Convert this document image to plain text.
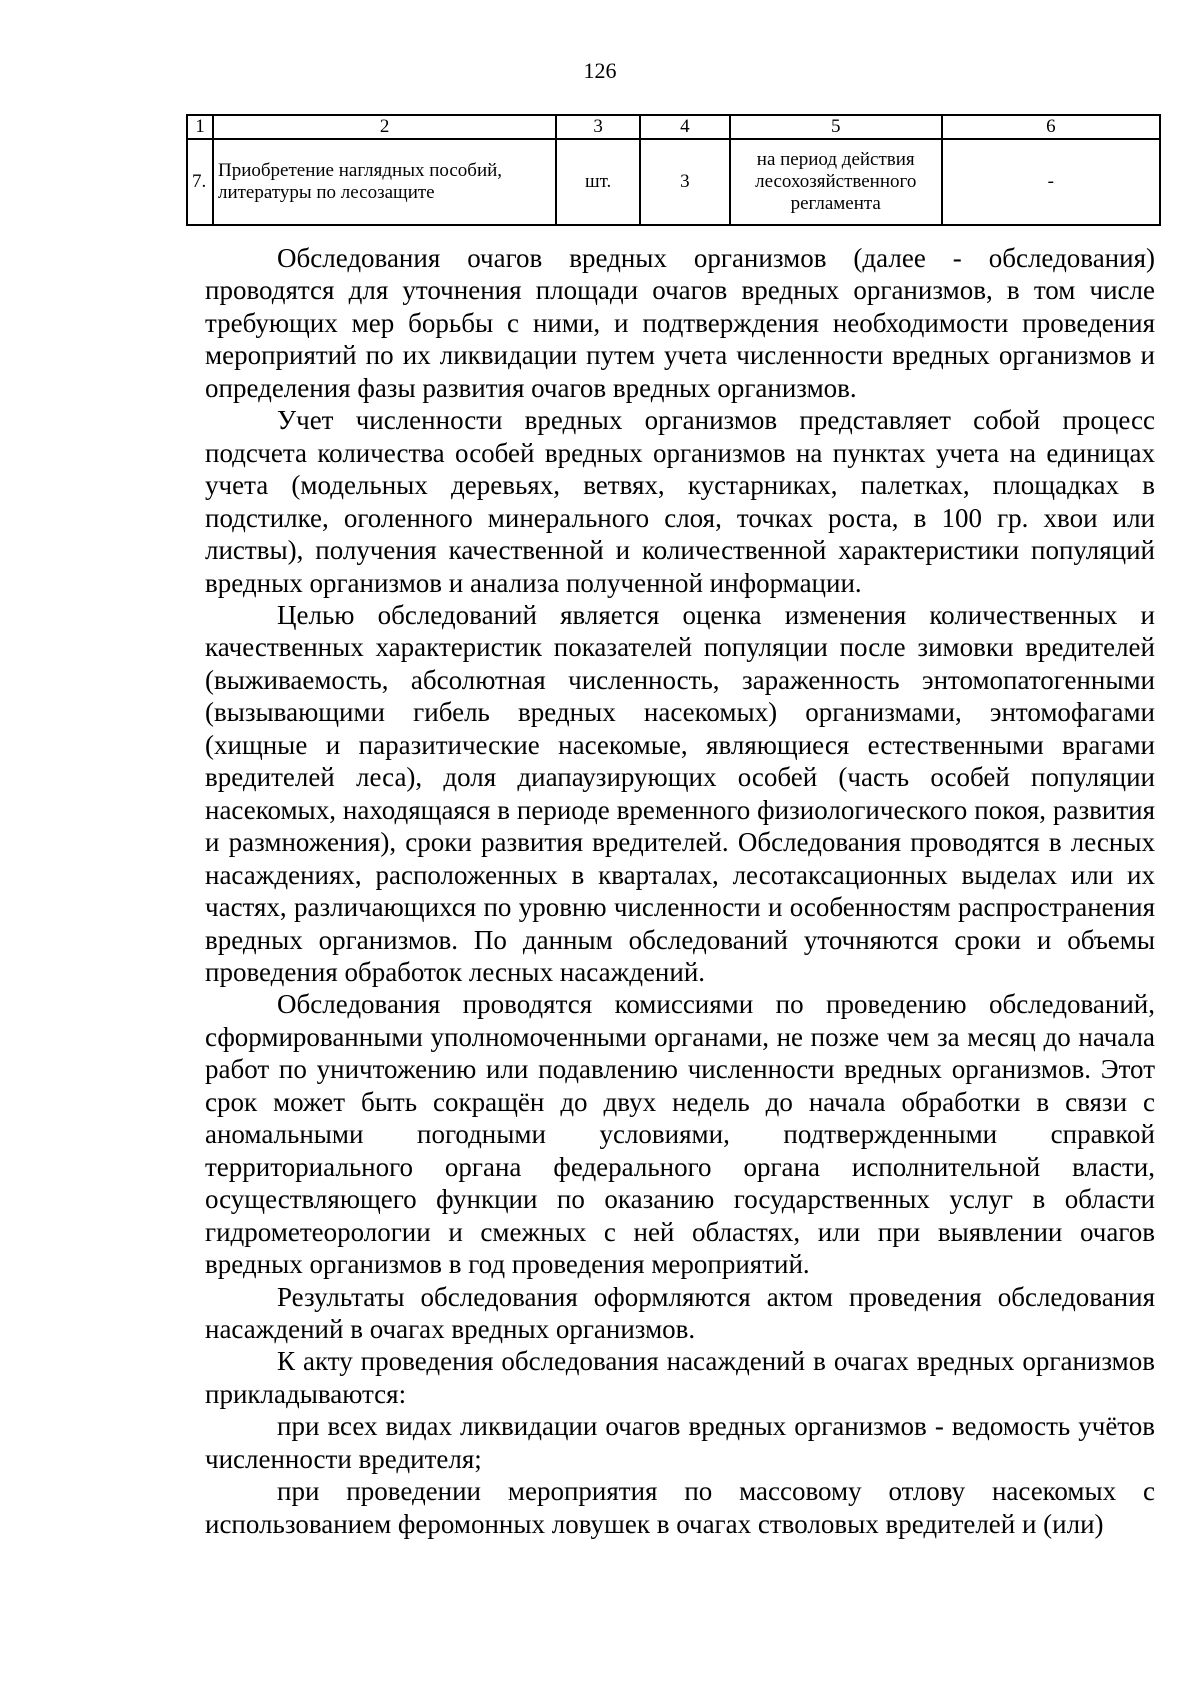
126
1	2	3	4	5	6
7.	Приобретение наглядных пособий, литературы по лесозащите	шт.	3	на период действия лесохозяйственного регламента	-

Обследования очагов вредных организмов (далее - обследования) проводятся для уточнения площади очагов вредных организмов, в том числе требующих мер борьбы с ними, и подтверждения необходимости проведения мероприятий по их ликвидации путем учета численности вредных организмов и определения фазы развития очагов вредных организмов.

Учет численности вредных организмов представляет собой процесс подсчета количества особей вредных организмов на пунктах учета на единицах учета (модельных деревьях, ветвях, кустарниках, палетках, площадках в подстилке, оголенного минерального слоя, точках роста, в 100 гр. хвои или листвы), получения качественной и количественной характеристики популяций вредных организмов и анализа полученной информации.

Целью обследований является оценка изменения количественных и качественных характеристик показателей популяции после зимовки вредителей (выживаемость, абсолютная численность, зараженность энтомопатогенными (вызывающими гибель вредных насекомых) организмами, энтомофагами (хищные и паразитические насекомые, являющиеся естественными врагами вредителей леса), доля диапаузирующих особей (часть особей популяции насекомых, находящаяся в периоде временного физиологического покоя, развития и размножения), сроки развития вредителей. Обследования проводятся в лесных насаждениях, расположенных в кварталах, лесотаксационных выделах или их частях, различающихся по уровню численности и особенностям распространения вредных организмов. По данным обследований уточняются сроки и объемы проведения обработок лесных насаждений.

Обследования проводятся комиссиями по проведению обследований, сформированными уполномоченными органами, не позже чем за месяц до начала работ по уничтожению или подавлению численности вредных организмов. Этот срок может быть сокращён до двух недель до начала обработки в связи с аномальными погодными условиями, подтвержденными справкой территориального органа федерального органа исполнительной власти, осуществляющего функции по оказанию государственных услуг в области гидрометеорологии и смежных с ней областях, или при выявлении очагов вредных организмов в год проведения мероприятий.

Результаты обследования оформляются актом проведения обследования насаждений в очагах вредных организмов.

К акту проведения обследования насаждений в очагах вредных организмов прикладываются:

при всех видах ликвидации очагов вредных организмов - ведомость учётов численности вредителя;

при проведении мероприятия по массовому отлову насекомых с использованием феромонных ловушек в очагах стволовых вредителей и (или)
